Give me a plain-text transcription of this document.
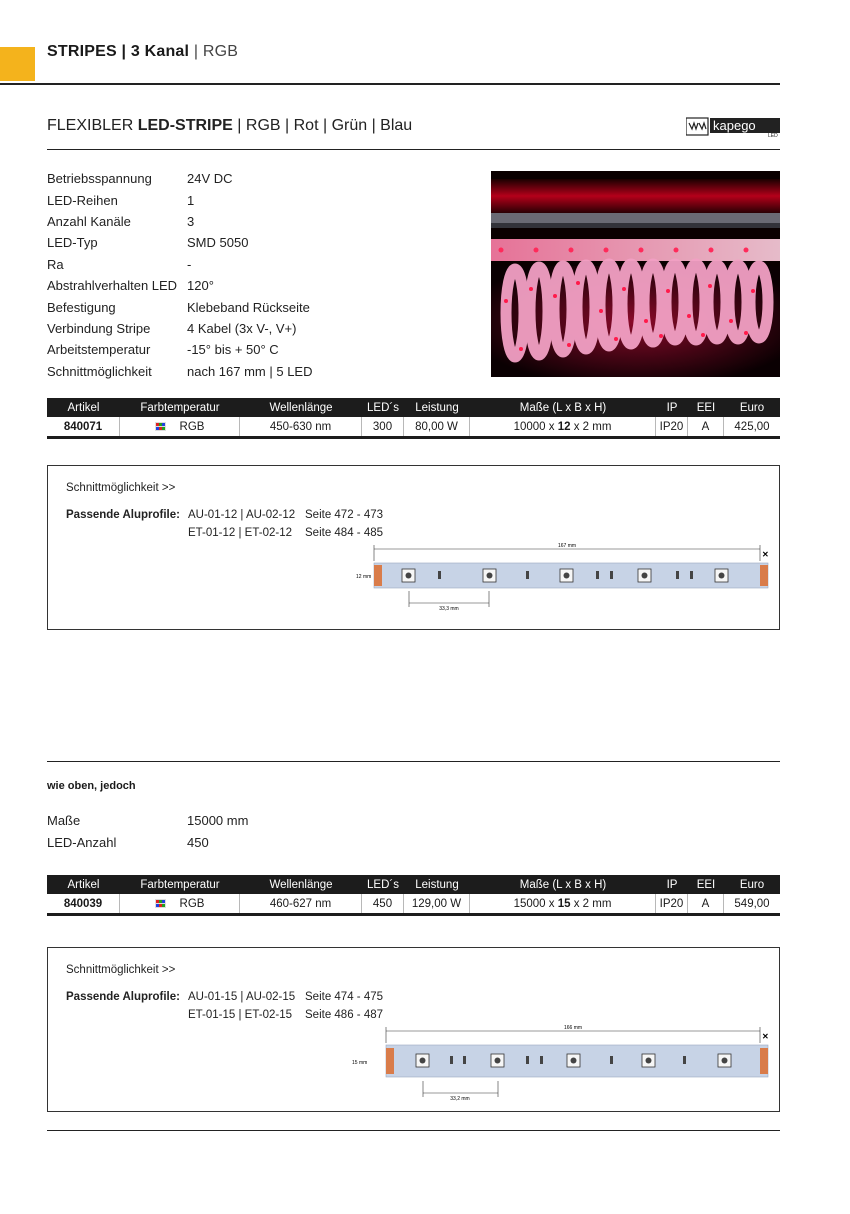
STRIPES | 3 Kanal | RGB
FLEXIBLER LED-STRIPE | RGB | Rot | Grün | Blau	kapego
LED
Betriebsspannung	24V DC
LED-Reihen	1
Anzahl Kanäle	3
LED-Typ	SMD 5050
Ra	-
Abstrahlverhalten LED 120°
Befestigung	Klebeband Rückseite
Verbindung Stripe	4 Kabel (3x V-, V+)
Arbeitstemperatur	-15° bis + 50° C
Schnittmöglichkeit	nach 167 mm | 5 LED
Artikel	Farbtemperatur	Wellenlänge	LED´s	Leistung	Maße (L x B x H)	IP	EEI	Euro
840071	RGB	450-630 nm	300	80,00 W	10000 x 12 x 2 mm	IP20	A	425,00
Schnittmöglichkeit >>
Passende Aluprofile: AU-01-12 | AU-02-12 Seite 472 - 473
ET-01-12 | ET-02-12 Seite 484 - 485
167 mm
✕
12 mm
33,3 mm
wie oben, jedoch
Maße	15000 mm
LED-Anzahl	450
Artikel	Farbtemperatur	Wellenlänge	LED´s	Leistung	Maße (L x B x H)	IP	EEI	Euro
840039	RGB	460-627 nm	450	129,00 W	15000 x 15 x 2 mm	IP20	A	549,00
Schnittmöglichkeit >>
Passende Aluprofile: AU-01-15 | AU-02-15 Seite 474 - 475
ET-01-15 | ET-02-15 Seite 486 - 487
166 mm
✕
15 mm
33,2 mm
